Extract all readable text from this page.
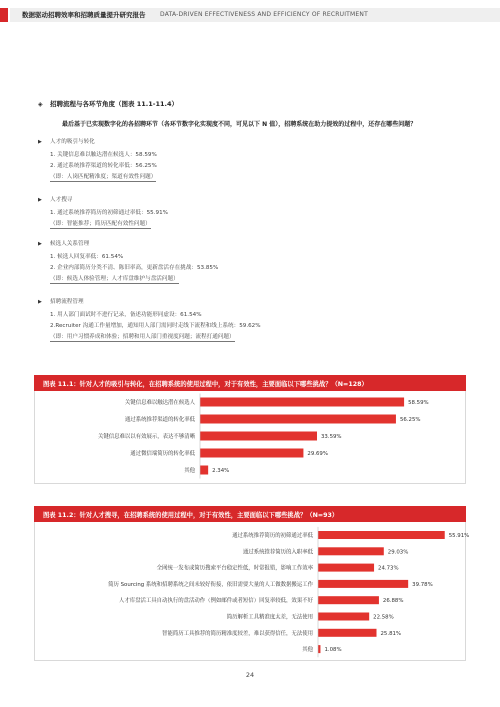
数据驱动招聘效率和招聘质量提升研究报告 DATA-DRIVEN EFFECTIVENESS AND EFFICIENCY OF RECRUITMENT
◈ 招聘流程与各环节角度（图表 11.1-11.4）
最后基于已实现数字化的各招聘环节（各环节数字化实现度不同，可见以下 N 值），招聘系统在助力提效的过程中，还存在哪些问题？
▶ 人才的吸引与转化
1. 关键信息难以触达潜在候选人：58.59%
2. 通过系统推荐渠道的转化率低：56.25%
（即：人岗匹配精准度；渠道有效性问题）
▶ 人才搜寻
1. 通过系统推荐简历的初筛通过率低：55.91%
（即：智能推荐；简历匹配有效性问题）
▶ 候选人关系管理
1. 候选人回复率低：61.54%
2. 企业内部简历分类不清、陈旧率高，更新盘活存在挑战：53.85%
（即：候选人体验管理；人才库盘维护与盘活问题）
▶ 招聘流程管理
1. 用人部门面试时不进行记录，备述功能形同虚设：61.54%
2.Recruiter 沟通工作量增加，通知用人部门需同时走线下流程和线上系统：59.62%
（即：用户习惯养成和体验；招聘和用人部门重视度问题；流程打通问题）
图表 11.1：针对人才的吸引与转化，在招聘系统的使用过程中，对于有效性，主要面临以下哪些挑战？（N=128）
关键信息难以触达潜在候选人	58.59%
通过系统推荐渠道的转化率低	56.25%
关键信息难以以有效展示，表达不够清晰	33.59%
通过微信端简历的转化率低	29.69%
其他	2.34%
图表 11.2：针对人才搜寻，在招聘系统的使用过程中，对于有效性，主要面临以下哪些挑战？（N=93）
通过系统推荐简历的初筛通过率低	55.91%
通过系统推荐简历的入职率低	29.03%
全网统一发布或简历搜索平台稳定性低，时常报错，影响工作效率	24.73%
简历 Sourcing 系统和招聘系统之间未较好衔接，依旧需要大量的人工做数据搬运工作	39.78%
人才库盘活工具自动执行的盘活动作（例如邮件或者短信）回复率较低，效果不好	26.88%
简历解析工具精准度太差，无法使用	22.58%
智能简历工具推荐的简历精准度较差，难以获得信任，无法使用	25.81%
其他 1.08%
24
